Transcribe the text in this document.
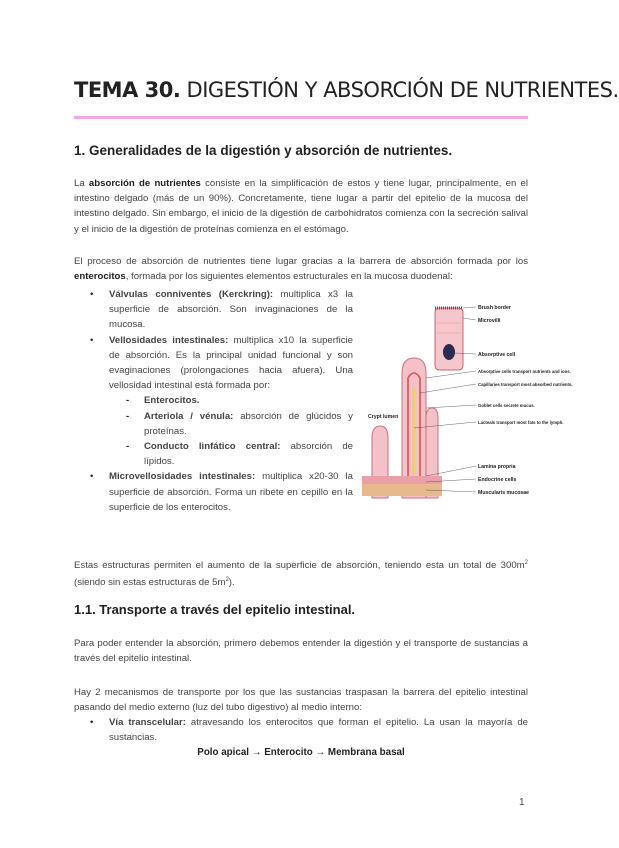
TEMA 30. DIGESTIÓN Y ABSORCIÓN DE NUTRIENTES.
1. Generalidades de la digestión y absorción de nutrientes.

La absorción de nutrientes consiste en la simplificación de estos y tiene lugar, principalmente, en el intestino delgado (más de un 90%). Concretamente, tiene lugar a partir del epitelio de la mucosa del intestino delgado. Sin embargo, el inicio de la digestión de carbohidratos comienza con la secreción salival y el inicio de la digestión de proteínas comienza en el estómago.

El proceso de absorción de nutrientes tiene lugar gracias a la barrera de absorción formada por los enterocitos, formada por los siguientes elementos estructurales en la mucosa duodenal:

• Válvulas conniventes (Kerckring): multiplica x3 la superficie de absorción. Son invaginaciones de la mucosa.
• Vellosidades intestinales: multiplica x10 la superficie de absorción. Es la principal unidad funcional y son evaginaciones (prolongaciones hacia afuera). Una vellosidad intestinal está formada por:
- Enterocitos.
- Arteriola / vénula: absorción de glúcidos y proteínas.
- Conducto linfático central: absorción de lípidos.
• Microvellosidades intestinales: multiplica x20-30 la superficie de absorción. Forma un ribete en cepillo en la superficie de los enterocitos.
Brush border
Microvilli
Absorptive cell
Absorptive cells transport nutrients and ions.
Capillaries transport most absorbed nutrients.
Goblet cells secrete mucus.
Lacteals transport most fats to the lymph.
Lamina propria
Endocrine cells
Muscularis mucosae
Crypt lumen

Estas estructuras permiten el aumento de la superficie de absorción, teniendo esta un total de $300m^2$ (siendo sin estas estructuras de $5m^2$).

1.1. Transporte a través del epitelio intestinal.

Para poder entender la absorción, primero debemos entender la digestión y el transporte de sustancias a través del epitelio intestinal.

Hay 2 mecanismos de transporte por los que las sustancias traspasan la barrera del epitelio intestinal pasando del medio externo (luz del tubo digestivo) al medio interno:

• Vía transcelular: atravesando los enterocitos que forman el epitelio. La usan la mayoría de sustancias.
Polo apical → Enterocito → Membrana basal
1
